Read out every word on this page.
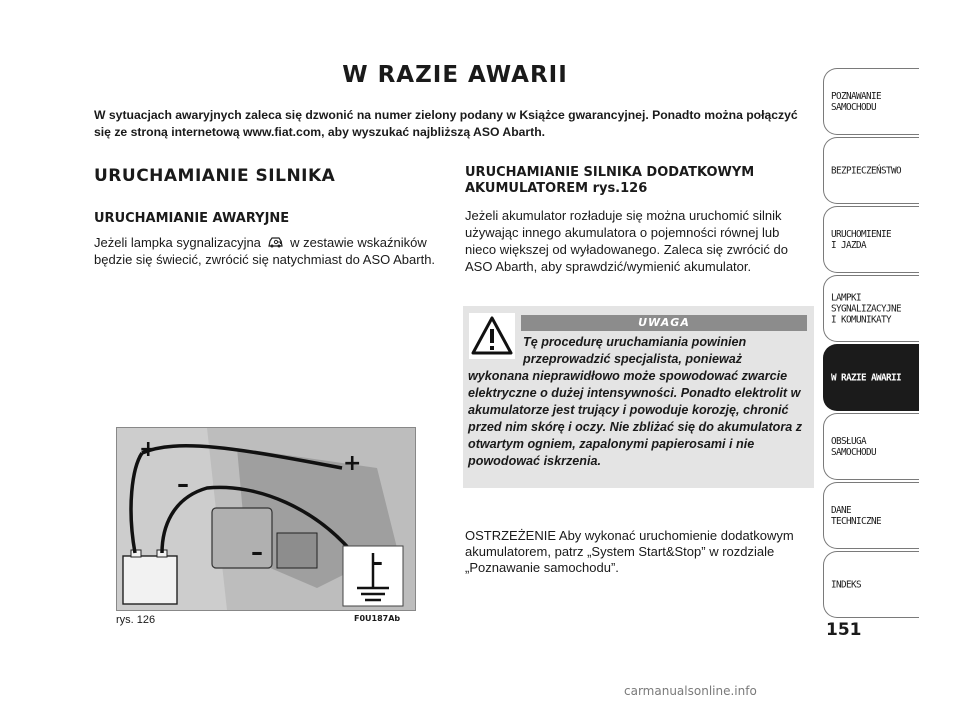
W RAZIE AWARII

W sytuacjach awaryjnych zaleca się dzwonić na numer zielony podany w Książce gwarancyjnej. Ponadto można połączyć się ze stroną internetową www.fiat.com, aby wyszukać najbliższą ASO Abarth.

URUCHAMIANIE SILNIKA
URUCHAMIANIE AWARYJNE

Jeżeli lampka sygnalizacyjna w zestawie wskaźników będzie się świecić, zwrócić się natychmiast do ASO Abarth.

URUCHAMIANIE SILNIKA DODATKOWYM AKUMULATOREM rys.126

Jeżeli akumulator rozładuje się można uruchomić silnik używając innego akumulatora o pojemności równej lub nieco większej od wyładowanego. Zaleca się zwrócić do ASO Abarth, aby sprawdzić/wymienić akumulator.

UWAGA

Tę procedurę uruchamiania powinien
przeprowadzić specjalista, ponieważ
wykonana nieprawidłowo może spowodować zwarcie elektryczne o dużej intensywności. Ponadto elektrolit w akumulatorze jest trujący i powoduje korozję, chronić przed nim skórę i oczy. Nie zbliżać się do akumulatora z otwartym ogniem, zapalonymi papierosami i nie powodować iskrzenia.

OSTRZEŻENIE Aby wykonać uruchomienie dodatkowym akumulatorem, patrz „System Start&Stop” w rozdziale „Poznawanie samochodu”.

+
+
–
–	–

rys. 126	F0U187Ab
151
POZNAWANIE
SAMOCHODU
BEZPIECZEŃSTWO
URUCHOMIENIE
I JAZDA
LAMPKI
SYGNALIZACYJNE
I KOMUNIKATY
W RAZIE AWARII
OBSŁUGA
SAMOCHODU
DANE
TECHNICZNE
INDEKS
carmanualsonline.info
